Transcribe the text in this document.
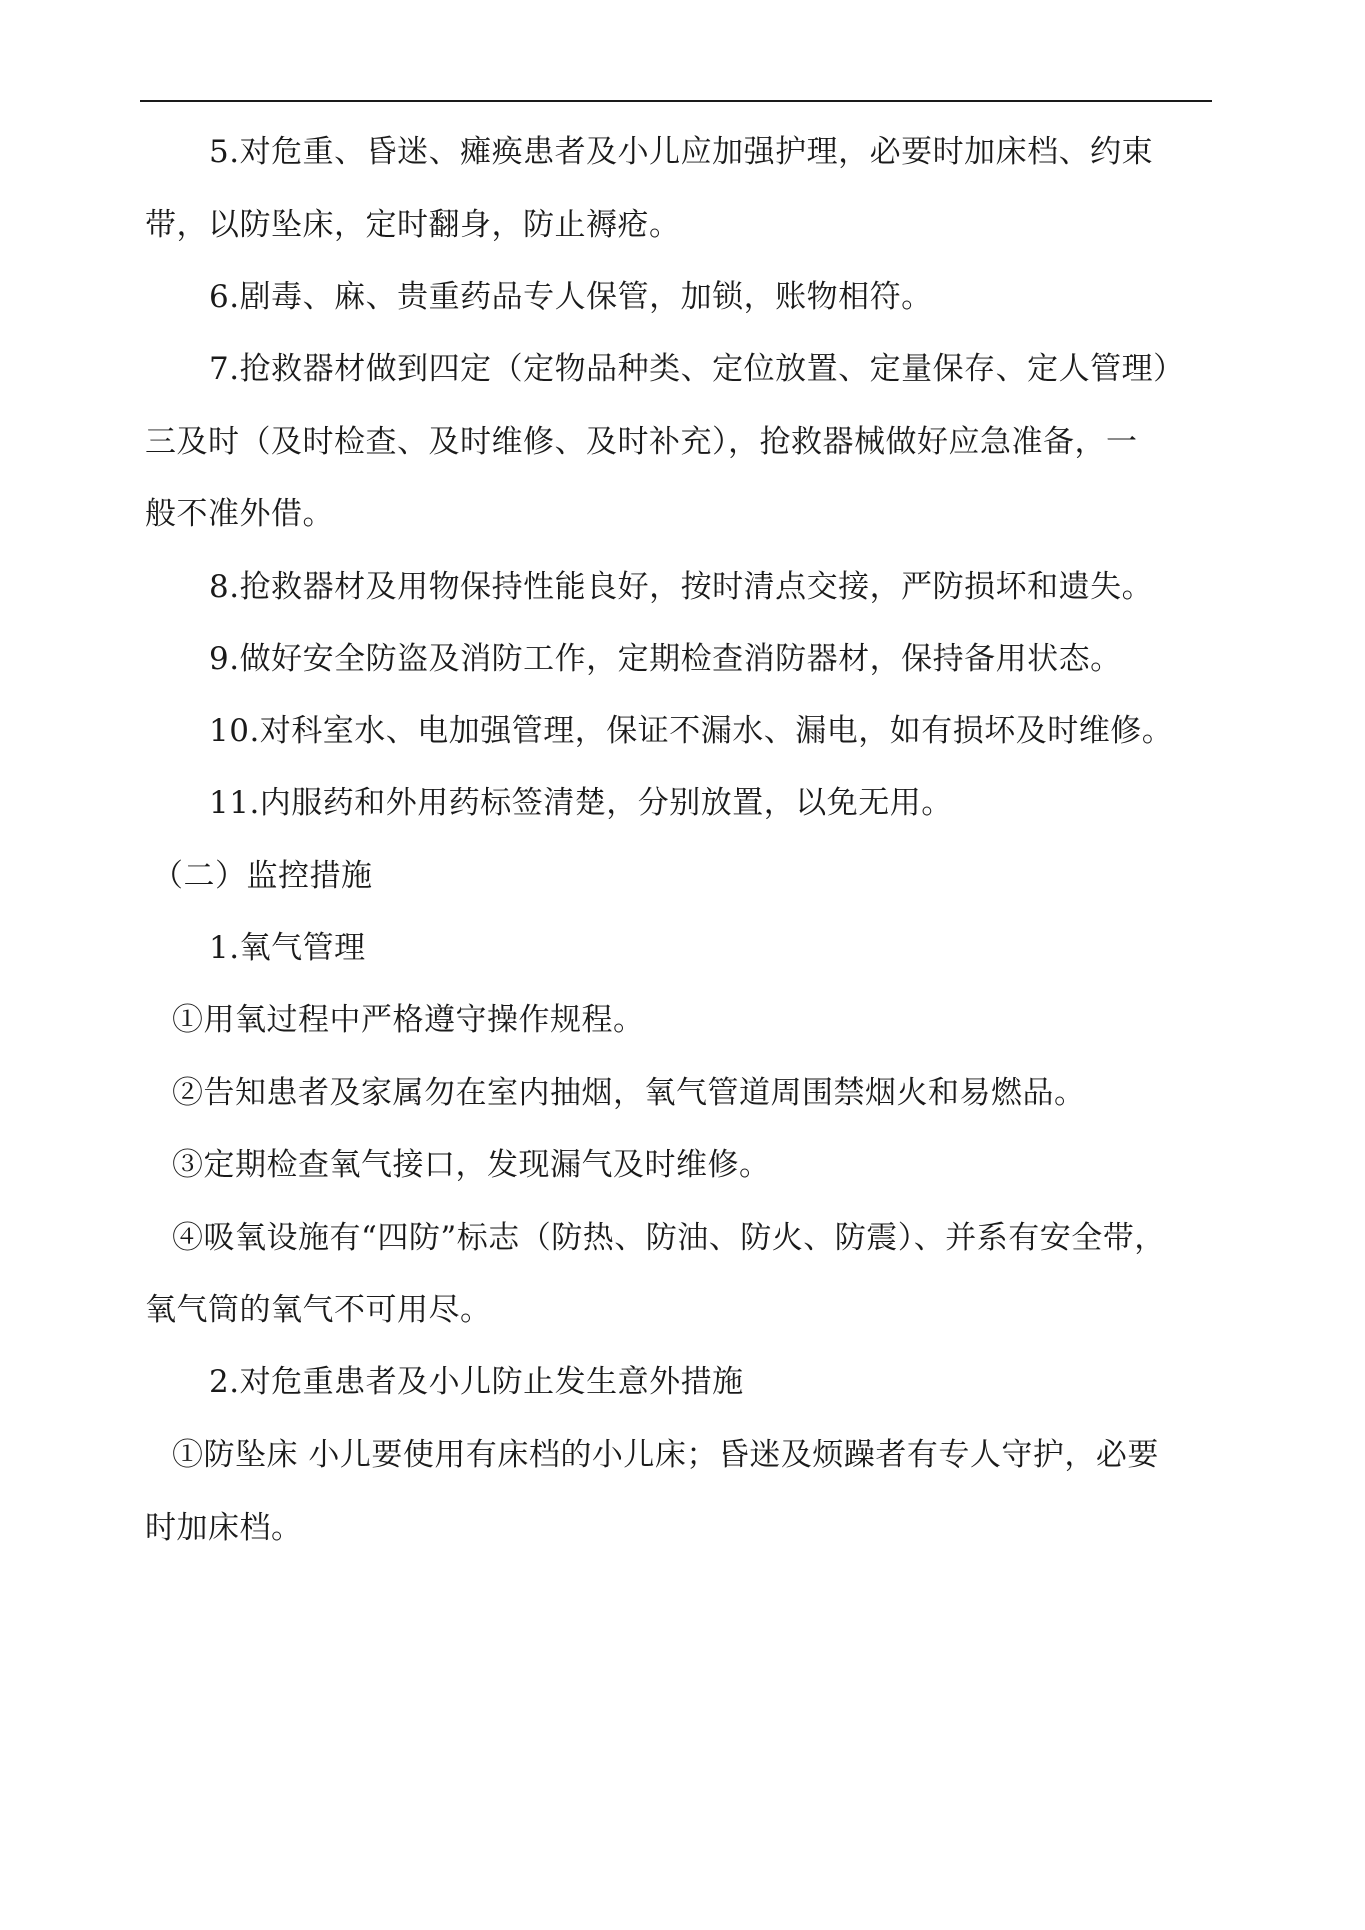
5.对危重、昏迷、瘫痪患者及小儿应加强护理，必要时加床档、约束
带，以防坠床，定时翻身，防止褥疮。
6.剧毒、麻、贵重药品专人保管，加锁，账物相符。
7.抢救器材做到四定（定物品种类、定位放置、定量保存、定人管理）
三及时（及时检查、及时维修、及时补充），抢救器械做好应急准备，一
般不准外借。
8.抢救器材及用物保持性能良好，按时清点交接，严防损坏和遗失。
9.做好安全防盗及消防工作，定期检查消防器材，保持备用状态。
10.对科室水、电加强管理，保证不漏水、漏电，如有损坏及时维修。
11.内服药和外用药标签清楚，分别放置，以免无用。
（二）监控措施
1.氧气管理
①用氧过程中严格遵守操作规程。
②告知患者及家属勿在室内抽烟，氧气管道周围禁烟火和易燃品。
③定期检查氧气接口，发现漏气及时维修。
④吸氧设施有“四防”标志（防热、防油、防火、防震）、并系有安全带，
氧气筒的氧气不可用尽。
2.对危重患者及小儿防止发生意外措施
①防坠床 小儿要使用有床档的小儿床；昏迷及烦躁者有专人守护，必要
时加床档。
